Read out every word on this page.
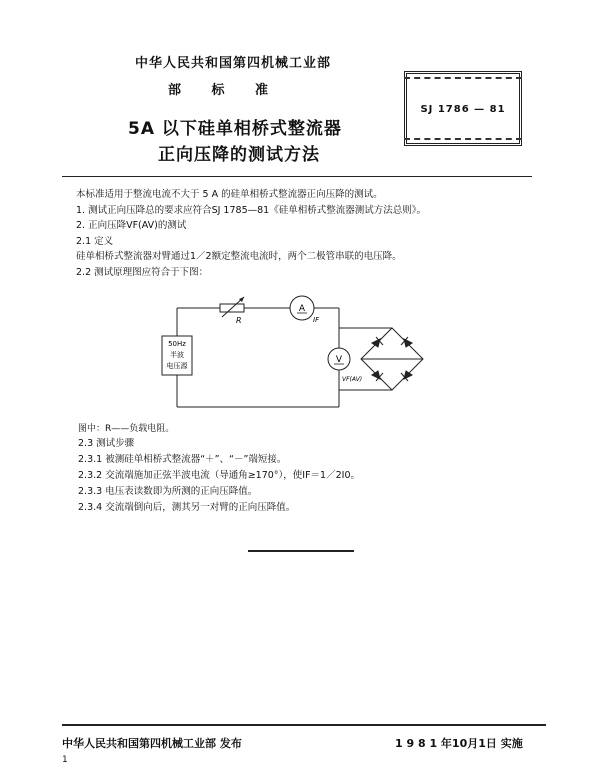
中华人民共和国第四机械工业部
部 标 准
5A 以下硅单相桥式整流器
正向压降的测试方法
SJ 1786 — 81
本标准适用于整流电流不大于 5 A 的硅单相桥式整流器正向压降的测试。
1. 测试正向压降总的要求应符合SJ 1785—81《硅单相桥式整流器测试方法总则》。
2. 正向压降VF(AV)的测试
2.1 定义
硅单相桥式整流器对臂通过1／2额定整流电流时，两个二极管串联的电压降。
2.2 测试原理图应符合于下图：
50Hz
半波
电压源
R
A
IF
V
VF(AV)
图中：R——负载电阻。
2.3 测试步骤
2.3.1 被测硅单相桥式整流器“＋”、“－”端短接。
2.3.2 交流端施加正弦半波电流（导通角≥170°），使IF＝1／2I0。
2.3.3 电压表读数即为所测的正向压降值。
2.3.4 交流端倒向后，测其另一对臂的正向压降值。
中华人民共和国第四机械工业部 发布	1 9 8 1 年10月1日 实施
1
